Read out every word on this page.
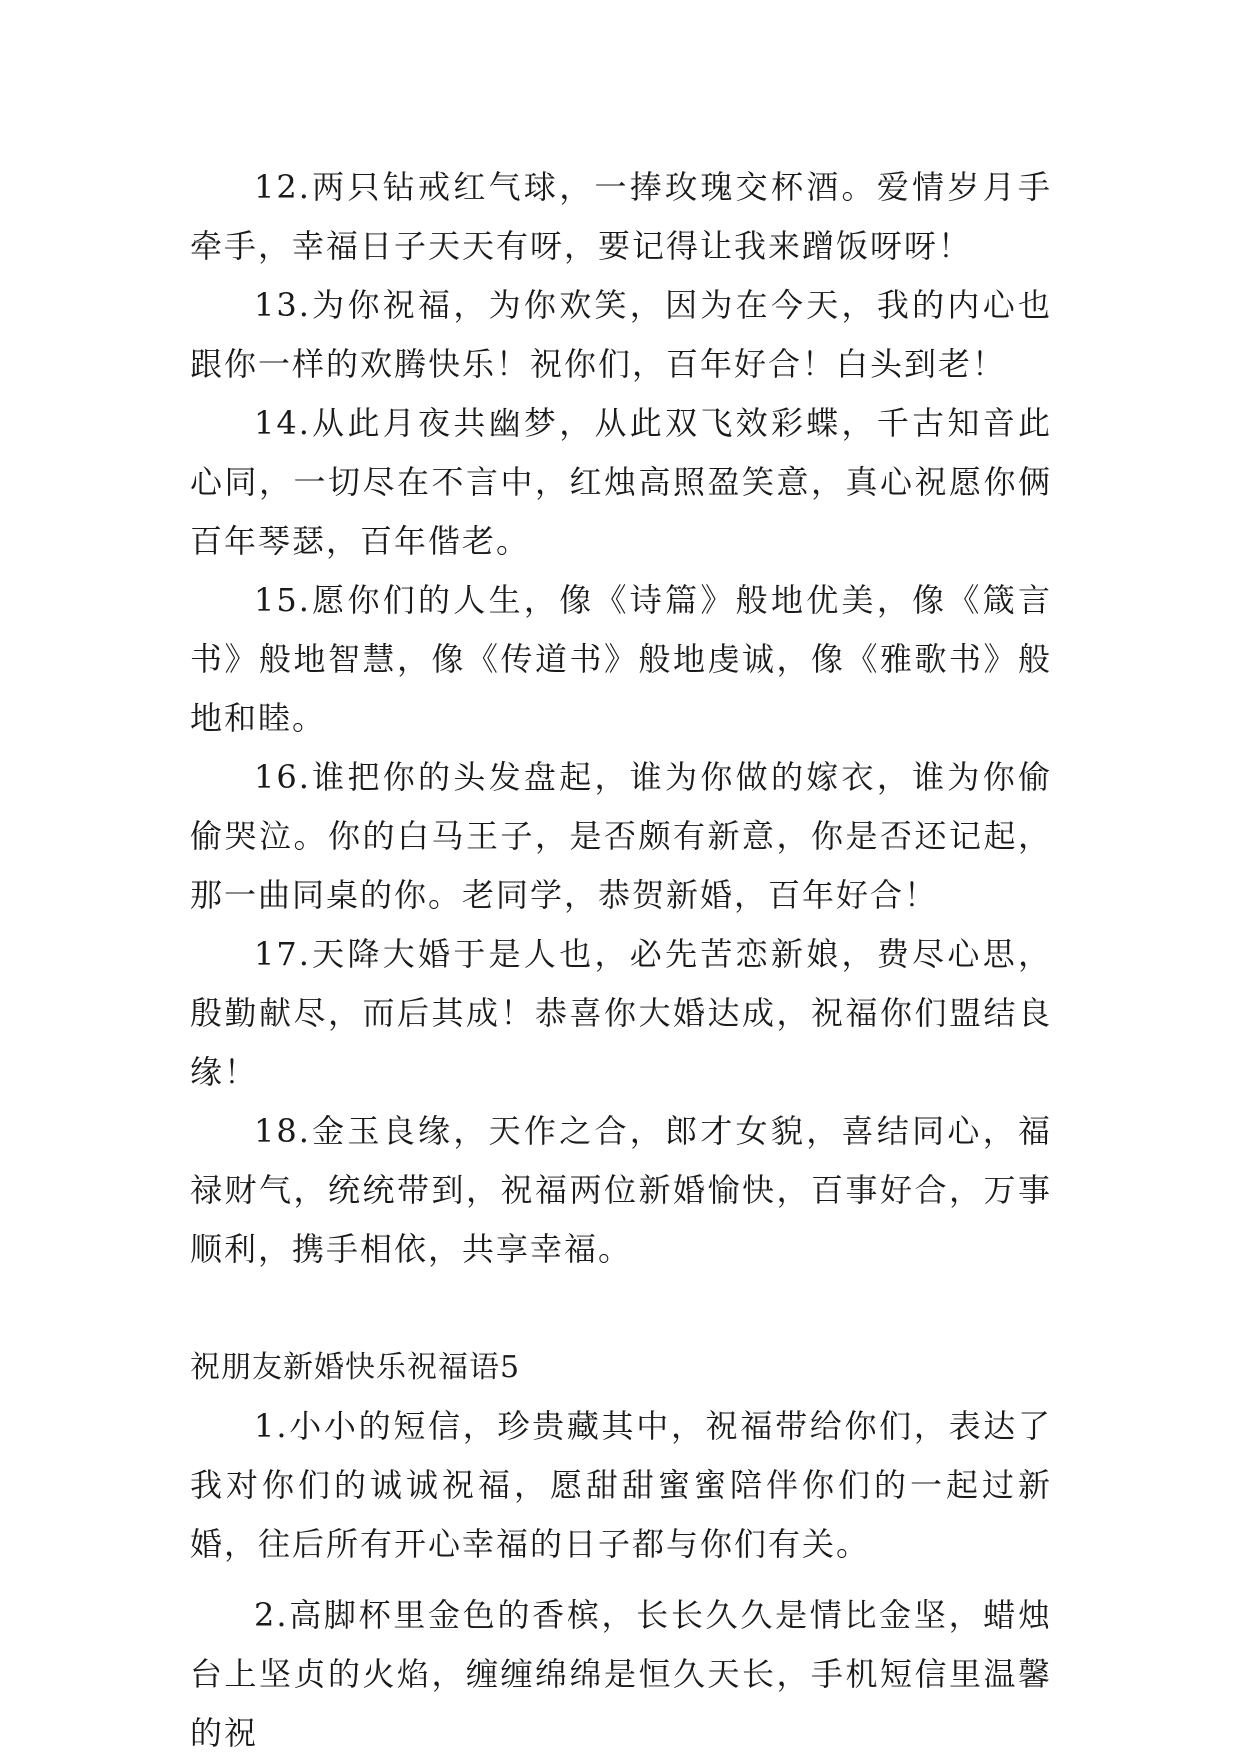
12.两只钻戒红气球，一捧玫瑰交杯酒。爱情岁月手牵手，幸福日子天天有呀，要记得让我来蹭饭呀呀！

13.为你祝福，为你欢笑，因为在今天，我的内心也跟你一样的欢腾快乐！祝你们，百年好合！白头到老！

14.从此月夜共幽梦，从此双飞效彩蝶，千古知音此心同，一切尽在不言中，红烛高照盈笑意，真心祝愿你俩百年琴瑟，百年偕老。

15.愿你们的人生，像《诗篇》般地优美，像《箴言书》般地智慧，像《传道书》般地虔诚，像《雅歌书》般地和睦。

16.谁把你的头发盘起，谁为你做的嫁衣，谁为你偷偷哭泣。你的白马王子，是否颇有新意，你是否还记起，那一曲同桌的你。老同学，恭贺新婚，百年好合！

17.天降大婚于是人也，必先苦恋新娘，费尽心思，殷勤献尽，而后其成！恭喜你大婚达成，祝福你们盟结良缘！

18.金玉良缘，天作之合，郎才女貌，喜结同心，福禄财气，统统带到，祝福两位新婚愉快，百事好合，万事顺利，携手相依，共享幸福。

祝朋友新婚快乐祝福语5

1.小小的短信，珍贵藏其中，祝福带给你们，表达了我对你们的诚诚祝福，愿甜甜蜜蜜陪伴你们的一起过新婚，往后所有开心幸福的日子都与你们有关。

2.高脚杯里金色的香槟，长长久久是情比金坚，蜡烛台上坚贞的火焰，缠缠绵绵是恒久天长，手机短信里温馨的祝
